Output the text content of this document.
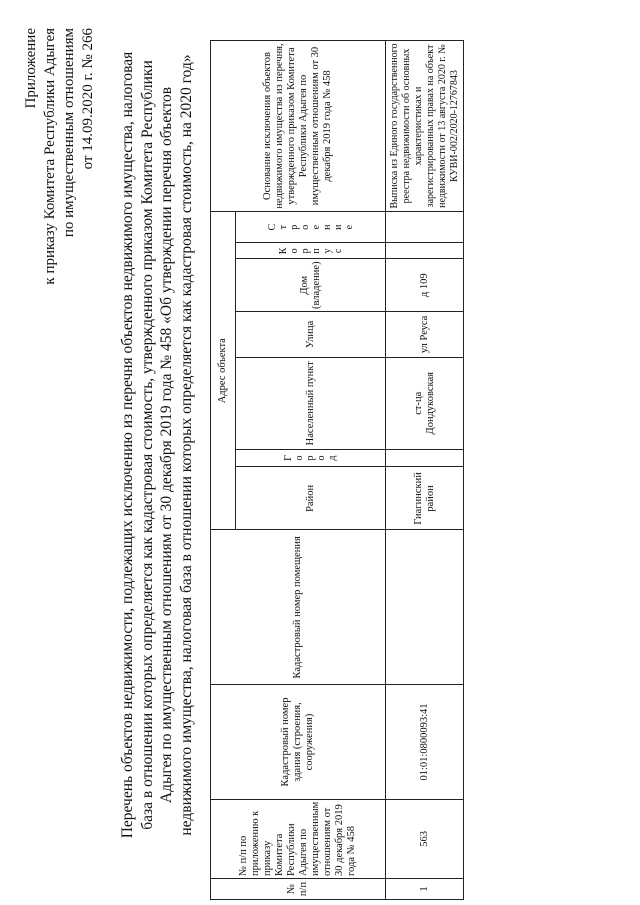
Приложение к приказу Комитета Республики Адыгея по имущественным отношениям от 14.09.2020 г. № 266 Перечень объектов недвижимости, подлежащих исключению из перечня объектов недвижимого имущества, налоговая база в отношении которых определяется как кадастровая стоимость, утвержденного приказом Комитета Республики Адыгея по имущественным отношениям от 30 декабря 2019 года № 458 «Об утверждении перечня объектов недвижимого имущества, налоговая база в отношении которых определяется как кадастровая стоимость, на 2020 год»
№ п/п	№ п/п по приложению к приказу Комитета Республики Адыгея по имущественным отношениям от 30 декабря 2019 года № 458	Кадастровый номер здания (строения, сооружения)	Кадастровый номер помещения	Адрес объекта							Основание исключения объектов недвижимого имущества из перечня, утвержденного приказом Комитета Республики Адыгея по имущественным отношениям от 30 декабря 2019 года № 458
				Район	Город	Населенный пункт	Улица	Дом (владение)	Корпус	Строение	

1	563	01:01:0800093:41		Гиагинский район		ст-ца Дондуковская	ул Реуса	д 109			Выписка из Единого государственного реестра недвижимости об основных характеристиках и зарегистрированных правах на объект недвижимости от 13 августа 2020 г. № КУВИ-002/2020-12767843
